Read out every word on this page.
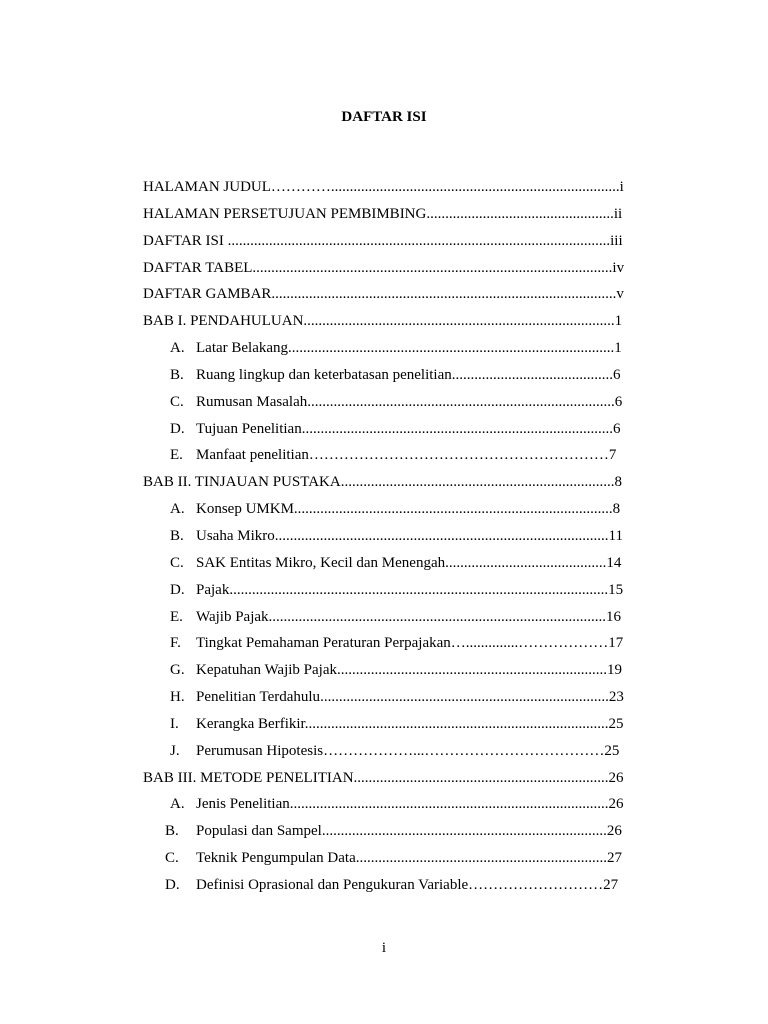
DAFTAR ISI
HALAMAN JUDUL………….............................................................................i
HALAMAN PERSETUJUAN PEMBIMBING..................................................ii
DAFTAR ISI ......................................................................................................iii
DAFTAR TABEL................................................................................................iv
DAFTAR GAMBAR............................................................................................v
BAB I. PENDAHULUAN...................................................................................1
A. Latar Belakang.......................................................................................1
B. Ruang lingkup dan keterbatasan penelitian...........................................6
C. Rumusan Masalah..................................................................................6
D. Tujuan Penelitian...................................................................................6
E. Manfaat penelitian……………………………………………………7
BAB II. TINJAUAN PUSTAKA.........................................................................8
A. Konsep UMKM.....................................................................................8
B. Usaha Mikro.........................................................................................11
C. SAK Entitas Mikro, Kecil dan Menengah...........................................14
D. Pajak.....................................................................................................15
E. Wajib Pajak..........................................................................................16
F.	Tingkat Pemahaman Peraturan Perpajakan…..............………………17
G. Kepatuhan Wajib Pajak........................................................................19
H. Penelitian Terdahulu.............................................................................23
I.	Kerangka Berfikir.................................................................................25
J.	Perumusan Hipotesis………………...………………………………25
BAB III. METODE PENELITIAN....................................................................26
A. Jenis Penelitian.....................................................................................26
B.	Populasi dan Sampel............................................................................26
C.	Teknik Pengumpulan Data...................................................................27
D.	Definisi Oprasional dan Pengukuran Variable………………………27
i
